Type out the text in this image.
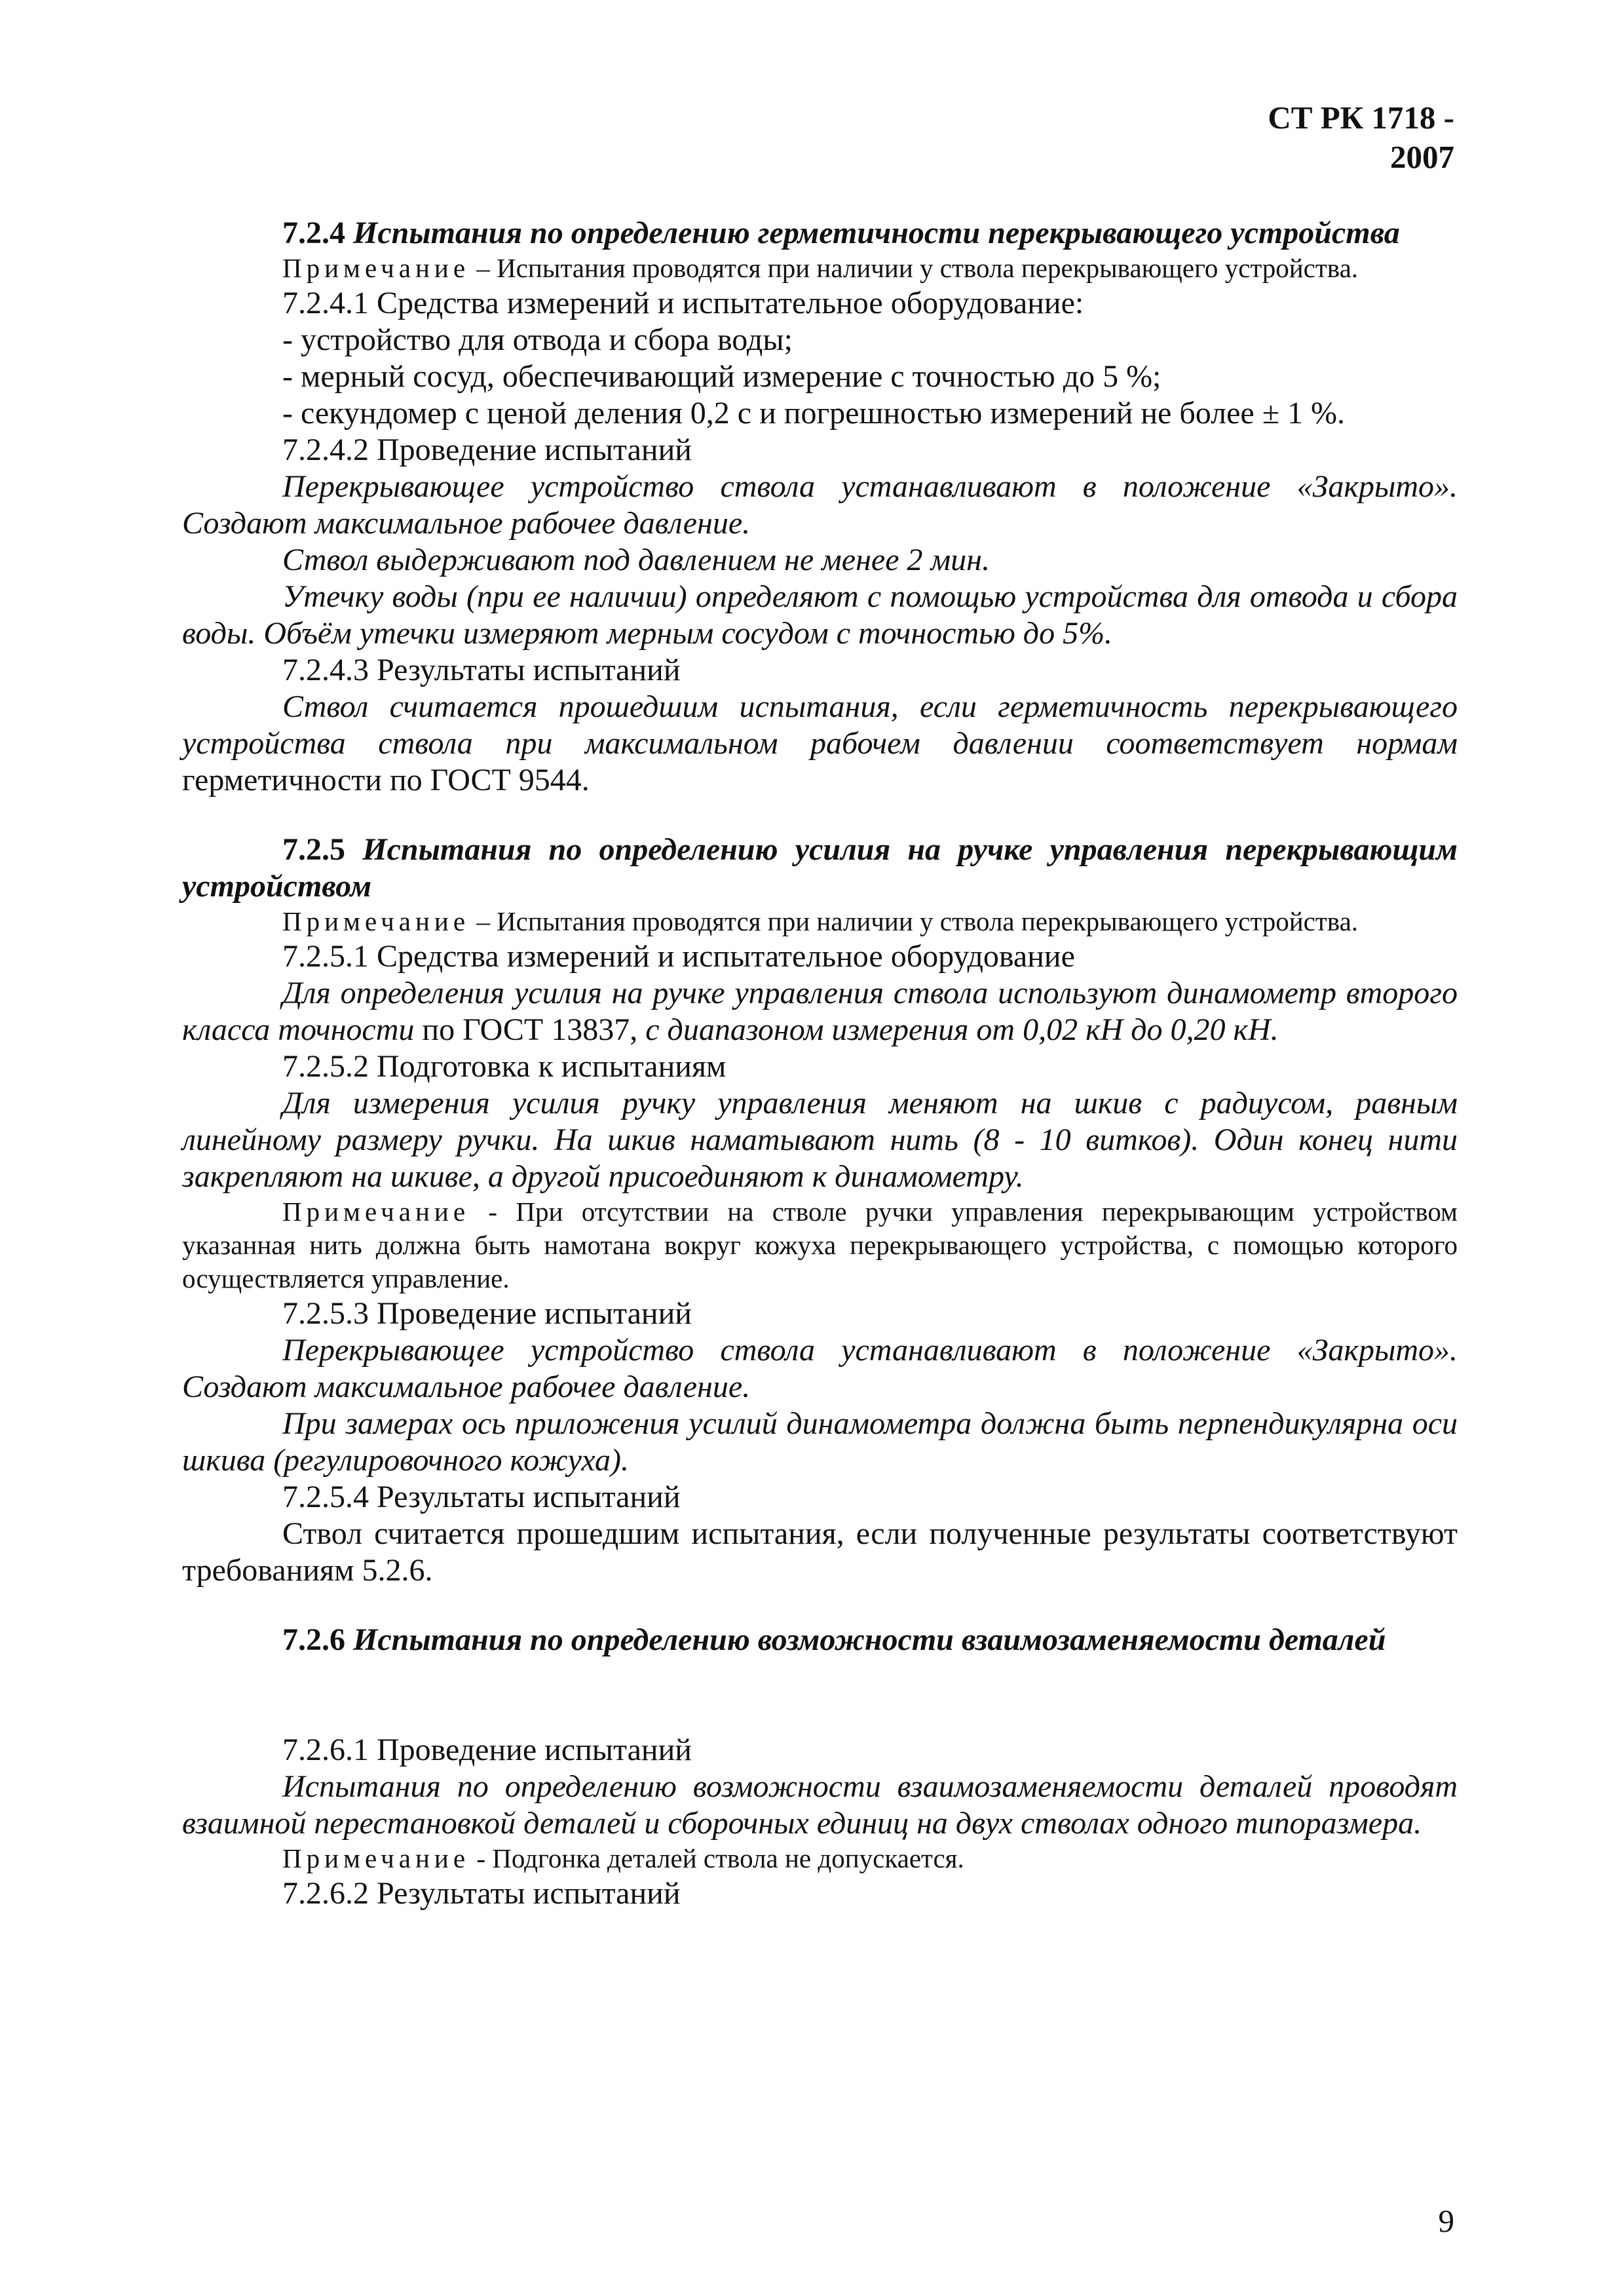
СТ РК 1718 - 2007

7.2.4 Испытания по определению герметичности перекрывающего устройства

Примечание – Испытания проводятся при наличии у ствола перекрывающего устройства.

7.2.4.1 Средства измерений и испытательное оборудование:

- устройство для отвода и сбора воды;

- мерный сосуд, обеспечивающий измерение с точностью до 5 %;

- секундомер с ценой деления 0,2 с и погрешностью измерений не более ± 1 %.

7.2.4.2 Проведение испытаний

Перекрывающее устройство ствола устанавливают в положение «Закрыто». Создают максимальное рабочее давление.

Ствол выдерживают под давлением не менее 2 мин.

Утечку воды (при ее наличии) определяют с помощью устройства для отвода и сбора воды. Объём утечки измеряют мерным сосудом с точностью до 5%.

7.2.4.3 Результаты испытаний

Ствол считается прошедшим испытания, если герметичность перекрывающего устройства ствола при максимальном рабочем давлении соответствует нормам герметичности по ГОСТ 9544.

7.2.5 Испытания по определению усилия на ручке управления перекрывающим устройством

Примечание – Испытания проводятся при наличии у ствола перекрывающего устройства.

7.2.5.1 Средства измерений и испытательное оборудование

Для определения усилия на ручке управления ствола используют динамометр второго класса точности по ГОСТ 13837, с диапазоном измерения от 0,02 кН до 0,20 кН.

7.2.5.2 Подготовка к испытаниям

Для измерения усилия ручку управления меняют на шкив с радиусом, равным линейному размеру ручки. На шкив наматывают нить (8 - 10 витков). Один конец нити закрепляют на шкиве, а другой присоединяют к динамометру.

Примечание - При отсутствии на стволе ручки управления перекрывающим устройством указанная нить должна быть намотана вокруг кожуха перекрывающего устройства, с помощью которого осуществляется управление.

7.2.5.3 Проведение испытаний

Перекрывающее устройство ствола устанавливают в положение «Закрыто». Создают максимальное рабочее давление.

При замерах ось приложения усилий динамометра должна быть перпендикулярна оси шкива (регулировочного кожуха).

7.2.5.4 Результаты испытаний

Ствол считается прошедшим испытания, если полученные результаты соответствуют требованиям 5.2.6.

7.2.6 Испытания по определению возможности взаимозаменяемости деталей

7.2.6.1 Проведение испытаний

Испытания по определению возможности взаимозаменяемости деталей проводят взаимной перестановкой деталей и сборочных единиц на двух стволах одного типоразмера.

Примечание - Подгонка деталей ствола не допускается.

7.2.6.2 Результаты испытаний

9
